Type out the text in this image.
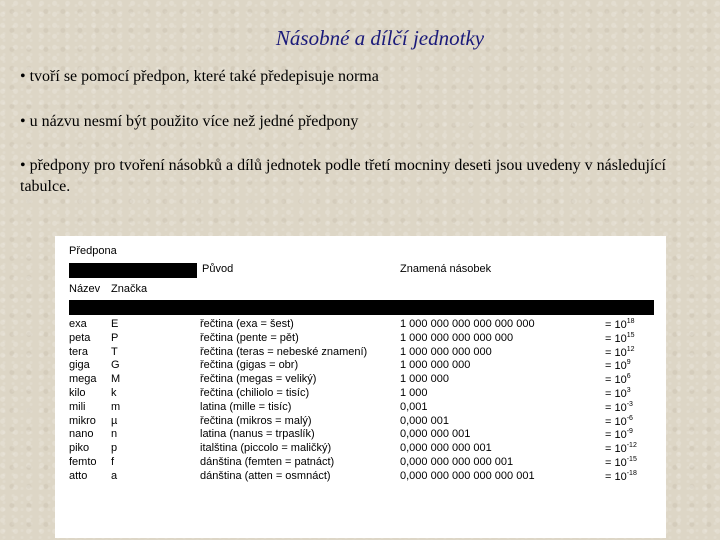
Násobné a dílčí jednotky
• tvoří se pomocí předpon, které také předepisuje norma
• u názvu nesmí být použito více než jedné předpony
• předpony pro tvoření násobků a dílů jednotek podle třetí mocniny deseti jsou uvedeny v následující tabulce.
Předpona
Původ	Znamená násobek
Název Značka
exa E	řečtina (exa = šest)	1 000 000 000 000 000 000	= $10^{18}$
peta P	řečtina (pente = pět)	1 000 000 000 000 000	= $10^{15}$
tera T	řečtina (teras = nebeské znamení)	1 000 000 000 000	= $10^{12}$
giga G	řečtina (gigas = obr)	1 000 000 000	= $10^9$
mega M	řečtina (megas = veliký)	1 000 000	= $10^6$
kilo k	řečtina (chiliolo = tisíc)	1 000	= $10^3$
mili m	latina (mille = tisíc)	0,001	= $10^{-3}$
mikro µ	řečtina (mikros = malý)	0,000 001	= $10^{-6}$
nano n	latina (nanus = trpaslík)	0,000 000 001	= $10^{-9}$
piko p	italština (piccolo = maličký)	0,000 000 000 001	= $10^{-12}$
femto f	dánština (femten = patnáct)	0,000 000 000 000 001	= $10^{-15}$
atto a	dánština (atten = osmnáct)	0,000 000 000 000 000 001	= $10^{-18}$
